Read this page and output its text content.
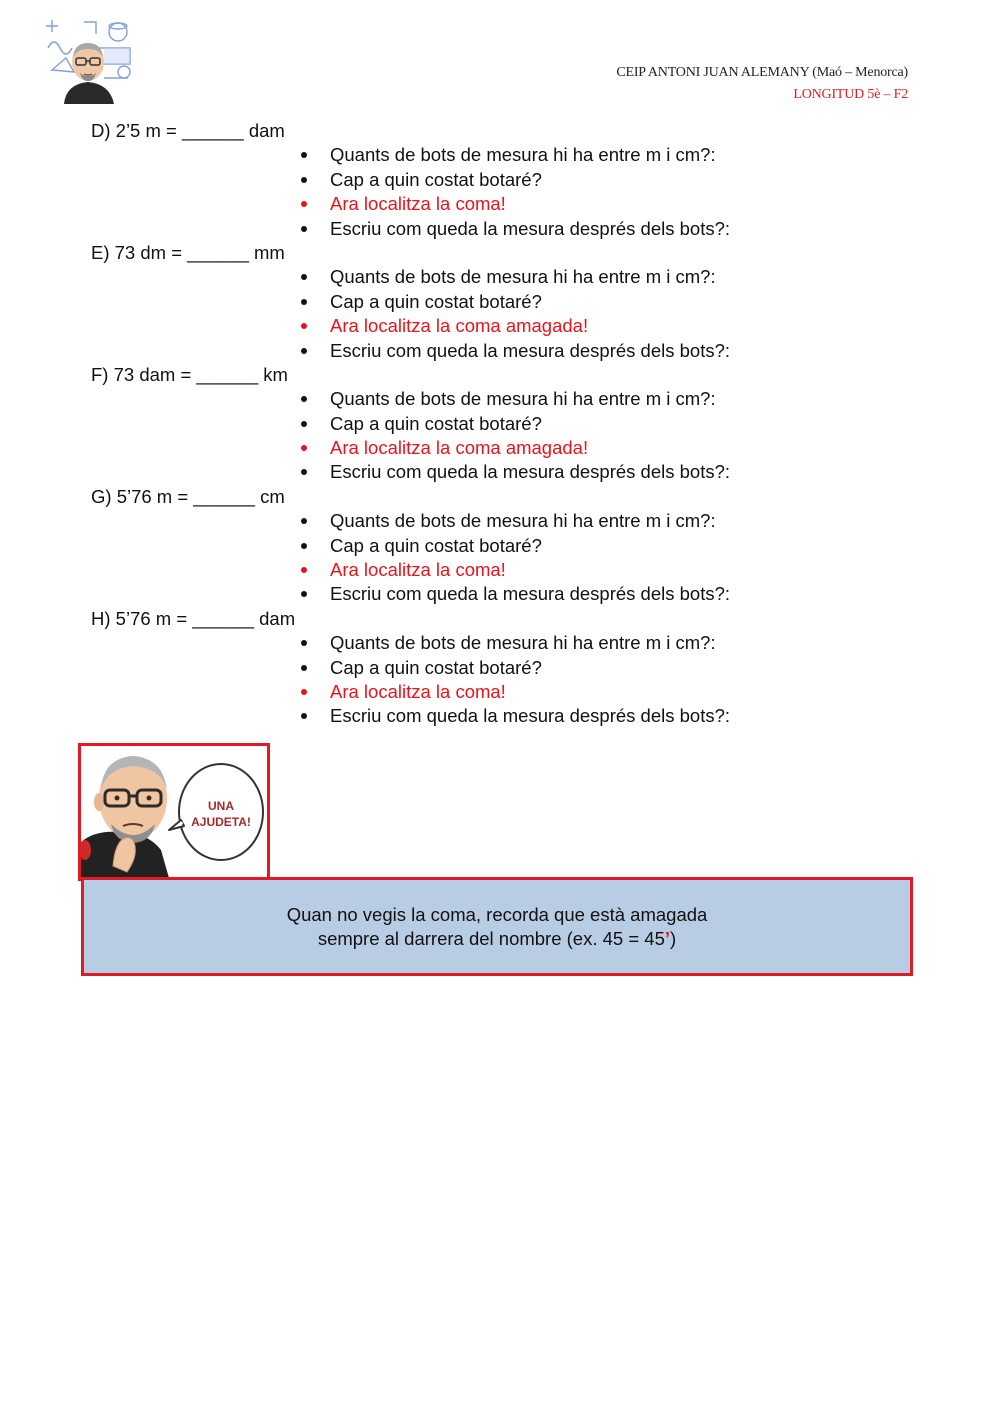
CEIP ANTONI JUAN ALEMANY (Maó – Menorca)
LONGITUD 5è – F2
D) 2’5 m = ______ dam
Quants de bots de mesura hi ha entre m i cm?:
Cap a quin costat botaré?
Ara localitza la coma!
Escriu com queda la mesura després dels bots?:
E) 73 dm = ______ mm
Quants de bots de mesura hi ha entre m i cm?:
Cap a quin costat botaré?
Ara localitza la coma amagada!
Escriu com queda la mesura després dels bots?:
F) 73 dam = ______ km
Quants de bots de mesura hi ha entre m i cm?:
Cap a quin costat botaré?
Ara localitza la coma amagada!
Escriu com queda la mesura després dels bots?:
G) 5’76 m = ______ cm
Quants de bots de mesura hi ha entre m i cm?:
Cap a quin costat botaré?
Ara localitza la coma!
Escriu com queda la mesura després dels bots?:
H) 5’76 m = ______ dam
Quants de bots de mesura hi ha entre m i cm?:
Cap a quin costat botaré?
Ara localitza la coma!
Escriu com queda la mesura després dels bots?:
UNA
AJUDETA!
Quan no vegis la coma, recorda que està amagada
sempre al darrera del nombre (ex. 45 = 45’)
